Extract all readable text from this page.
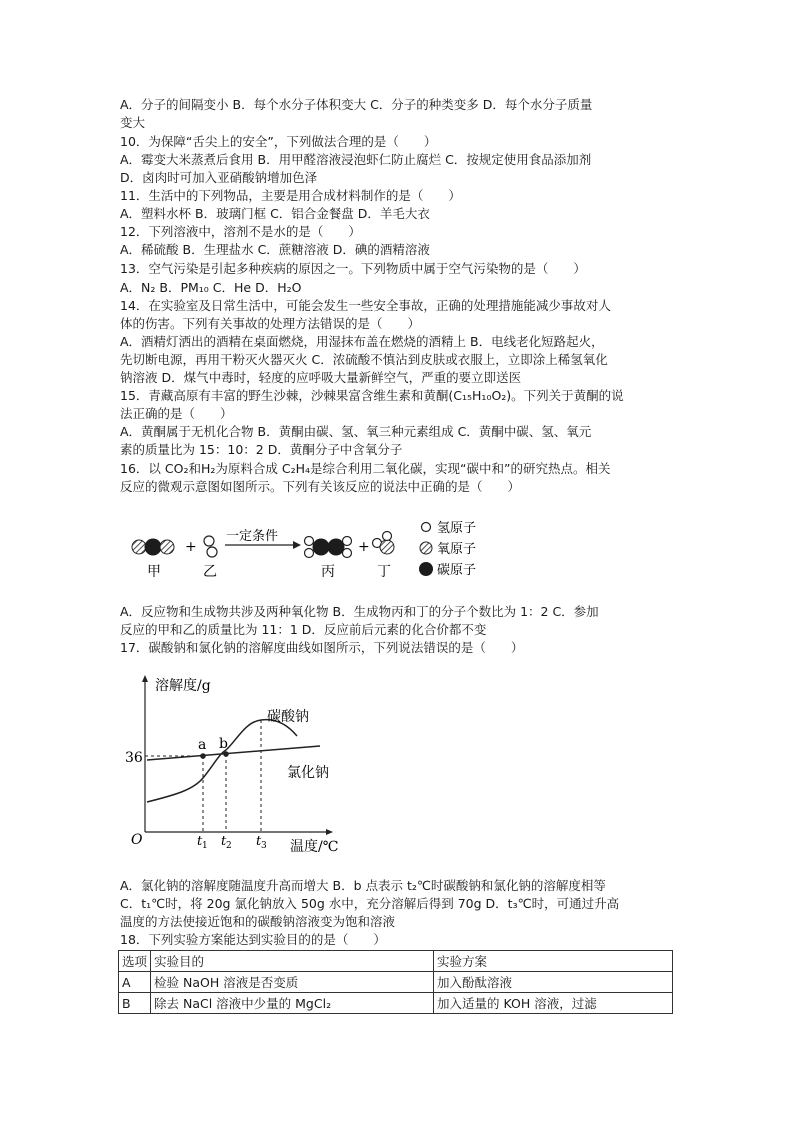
A．分子的间隔变小 B．每个水分子体积变大 C．分子的种类变多 D．每个水分子质量
变大
10．为保障“舌尖上的安全”，下列做法合理的是（　　）
A．霉变大米蒸煮后食用 B．用甲醛溶液浸泡虾仁防止腐烂 C．按规定使用食品添加剂
D．卤肉时可加入亚硝酸钠增加色泽
11．生活中的下列物品，主要是用合成材料制作的是（　　）
A．塑料水杯 B．玻璃门框 C．铝合金餐盘 D．羊毛大衣
12．下列溶液中，溶剂不是水的是（　　）
A．稀硫酸 B．生理盐水 C．蔗糖溶液 D．碘的酒精溶液
13．空气污染是引起多种疾病的原因之一。下列物质中属于空气污染物的是（　　）
A．N₂ B．PM₁₀ C．He D．H₂O
14．在实验室及日常生活中，可能会发生一些安全事故，正确的处理措施能减少事故对人
体的伤害。下列有关事故的处理方法错误的是（　　）
A．酒精灯洒出的酒精在桌面燃烧，用湿抹布盖在燃烧的酒精上 B．电线老化短路起火，
先切断电源，再用干粉灭火器灭火 C．浓硫酸不慎沾到皮肤或衣服上，立即涂上稀氢氧化
钠溶液 D．煤气中毒时，轻度的应呼吸大量新鲜空气，严重的要立即送医
15．青藏高原有丰富的野生沙棘，沙棘果富含维生素和黄酮(C₁₅H₁₀O₂)。下列关于黄酮的说
法正确的是（　　）
A．黄酮属于无机化合物 B．黄酮由碳、氢、氧三种元素组成 C．黄酮中碳、氢、氧元
素的质量比为 15：10：2 D．黄酮分子中含氧分子
16．以 CO₂和H₂为原料合成 C₂H₄是综合利用二氧化碳，实现“碳中和”的研究热点。相关
反应的微观示意图如图所示。下列有关该反应的说法中正确的是（　　）
+
一定条件
+
甲	乙	丙	丁
氢原子
氧原子
碳原子
A．反应物和生成物共涉及两种氧化物 B．生成物丙和丁的分子个数比为 1：2 C．参加
反应的甲和乙的质量比为 11：1 D．反应前后元素的化合价都不变
17．碳酸钠和氯化钠的溶解度曲线如图所示，下列说法错误的是（　　）
溶解度/g
温度/℃
O
36
a b
碳酸钠
氯化钠
t 1 t 2 t 3
A．氯化钠的溶解度随温度升高而增大 B．b 点表示 t₂℃时碳酸钠和氯化钠的溶解度相等
C．t₁℃时，将 20g 氯化钠放入 50g 水中，充分溶解后得到 70g D．t₃℃时，可通过升高
温度的方法使接近饱和的碳酸钠溶液变为饱和溶液
18．下列实验方案能达到实验目的的是（　　）
选项	实验目的	实验方案
A	检验 NaOH 溶液是否变质	加入酚酞溶液
B	除去 NaCl 溶液中少量的 MgCl₂	加入适量的 KOH 溶液，过滤
